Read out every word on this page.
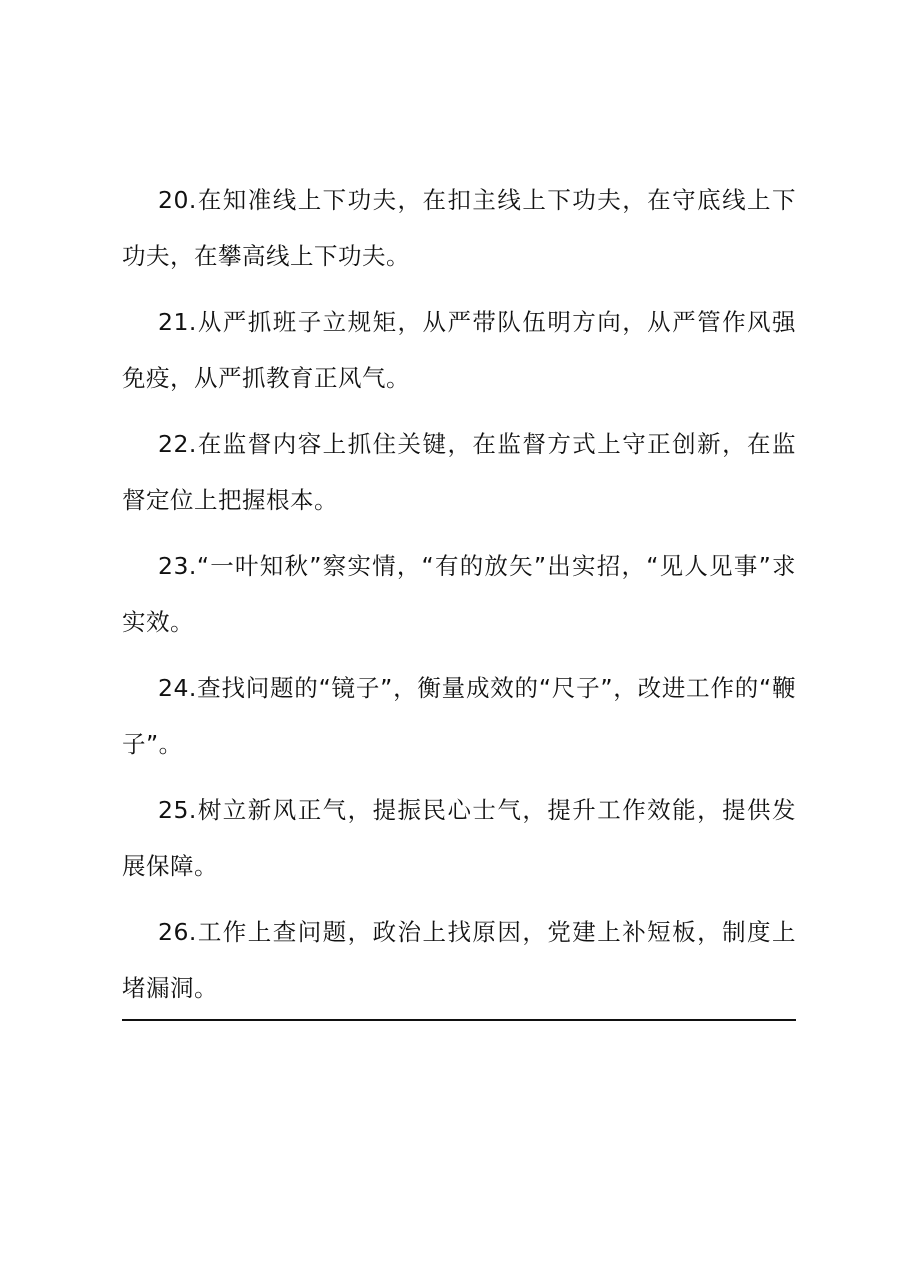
20.在知准线上下功夫，在扣主线上下功夫，在守底线上下功夫，在攀高线上下功夫。

21.从严抓班子立规矩，从严带队伍明方向，从严管作风强免疫，从严抓教育正风气。

22.在监督内容上抓住关键，在监督方式上守正创新，在监督定位上把握根本。

23.“一叶知秋”察实情，“有的放矢”出实招，“见人见事”求实效。

24.查找问题的“镜子”，衡量成效的“尺子”，改进工作的“鞭子”。

25.树立新风正气，提振民心士气，提升工作效能，提供发展保障。

26.工作上查问题，政治上找原因，党建上补短板，制度上堵漏洞。
